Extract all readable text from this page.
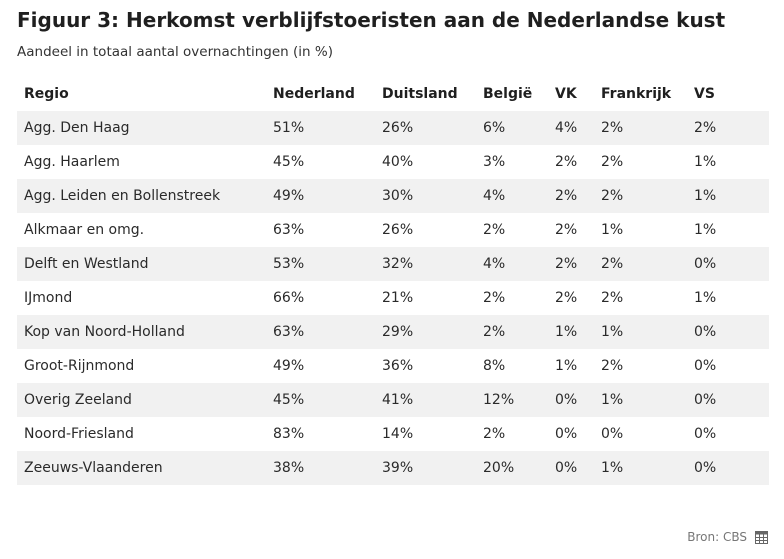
Figuur 3: Herkomst verblijfstoeristen aan de Nederlandse kust
Aandeel in totaal aantal overnachtingen (in %)
Regio	Nederland	Duitsland	België	VK	Frankrijk	VS
Agg. Den Haag	51%	26%	6%	4%	2%	2%
Agg. Haarlem	45%	40%	3%	2%	2%	1%
Agg. Leiden en Bollenstreek	49%	30%	4%	2%	2%	1%
Alkmaar en omg.	63%	26%	2%	2%	1%	1%
Delft en Westland	53%	32%	4%	2%	2%	0%
IJmond	66%	21%	2%	2%	2%	1%
Kop van Noord-Holland	63%	29%	2%	1%	1%	0%
Groot-Rijnmond	49%	36%	8%	1%	2%	0%
Overig Zeeland	45%	41%	12%	0%	1%	0%
Noord-Friesland	83%	14%	2%	0%	0%	0%
Zeeuws-Vlaanderen	38%	39%	20%	0%	1%	0%
Bron: CBS
